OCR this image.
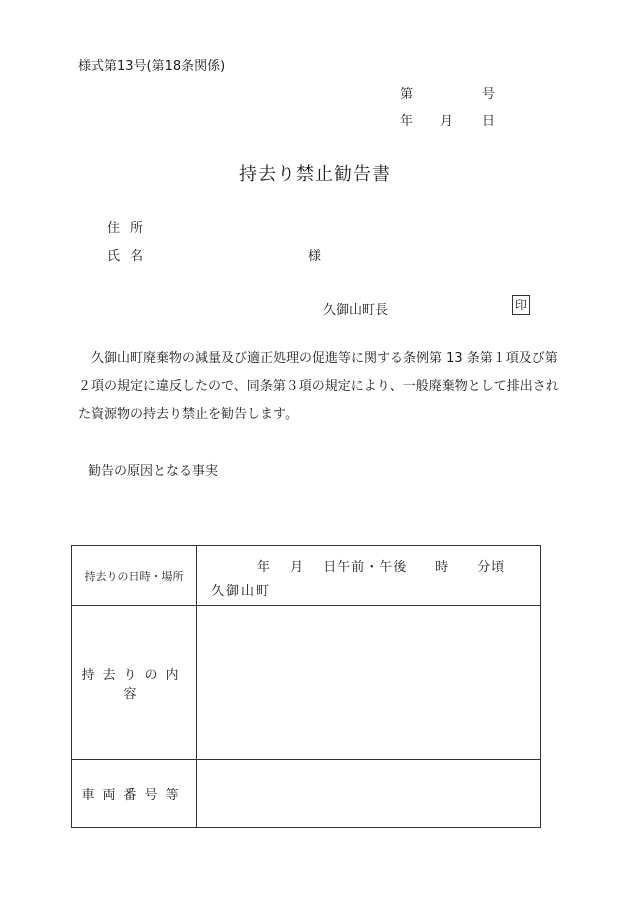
様式第13号(第18条関係)
第	号
年 月 日
持去り禁止勧告書
住所
氏名	様
久御山町長	印
久御山町廃棄物の減量及び適正処理の促進等に関する条例第 13 条第１項及び第２項の規定に違反したので、同条第３項の規定により、一般廃棄物として排出された資源物の持去り禁止を勧告します。
勧告の原因となる事実
持去りの日時・場所	年　 月　 日午前・午後　　時　　分頃
久御山町

持去りの内容	
車両番号等	
